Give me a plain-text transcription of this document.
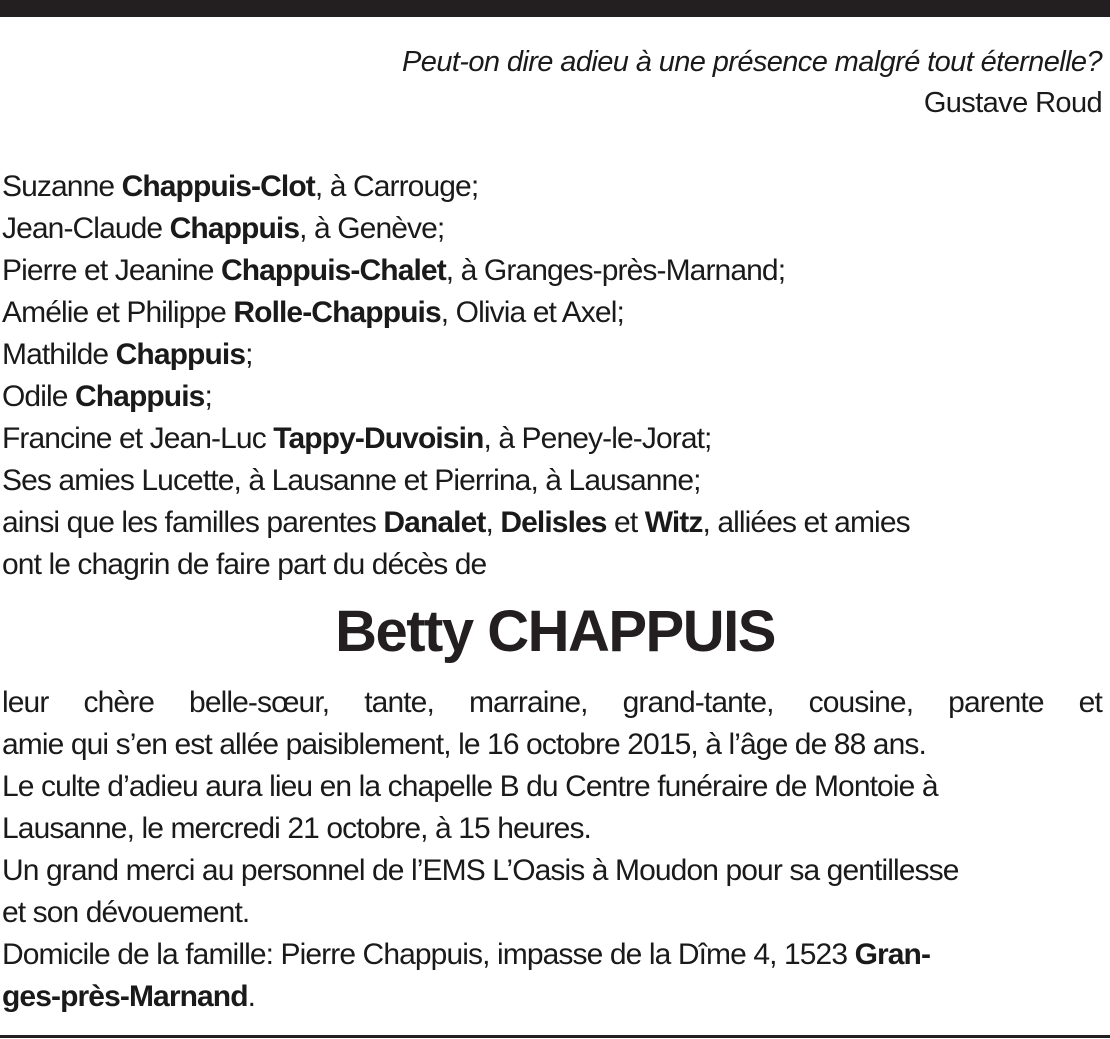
Peut-on dire adieu à une présence malgré tout éternelle?
Gustave Roud
Suzanne Chappuis-Clot, à Carrouge;
Jean-Claude Chappuis, à Genève;
Pierre et Jeanine Chappuis-Chalet, à Granges-près-Marnand;
Amélie et Philippe Rolle-Chappuis, Olivia et Axel;
Mathilde Chappuis;
Odile Chappuis;
Francine et Jean-Luc Tappy-Duvoisin, à Peney-le-Jorat;
Ses amies Lucette, à Lausanne et Pierrina, à Lausanne;
ainsi que les familles parentes Danalet, Delisles et Witz, alliées et amies
ont le chagrin de faire part du décès de
Betty CHAPPUIS
leur chère belle-sœur, tante, marraine, grand-tante, cousine, parente et
amie qui s’en est allée paisiblement, le 16 octobre 2015, à l’âge de 88 ans.
Le culte d’adieu aura lieu en la chapelle B du Centre funéraire de Montoie à
Lausanne, le mercredi 21 octobre, à 15 heures.
Un grand merci au personnel de l’EMS L’Oasis à Moudon pour sa gentillesse
et son dévouement.
Domicile de la famille: Pierre Chappuis, impasse de la Dîme 4, 1523 Gran-
ges-près-Marnand.
